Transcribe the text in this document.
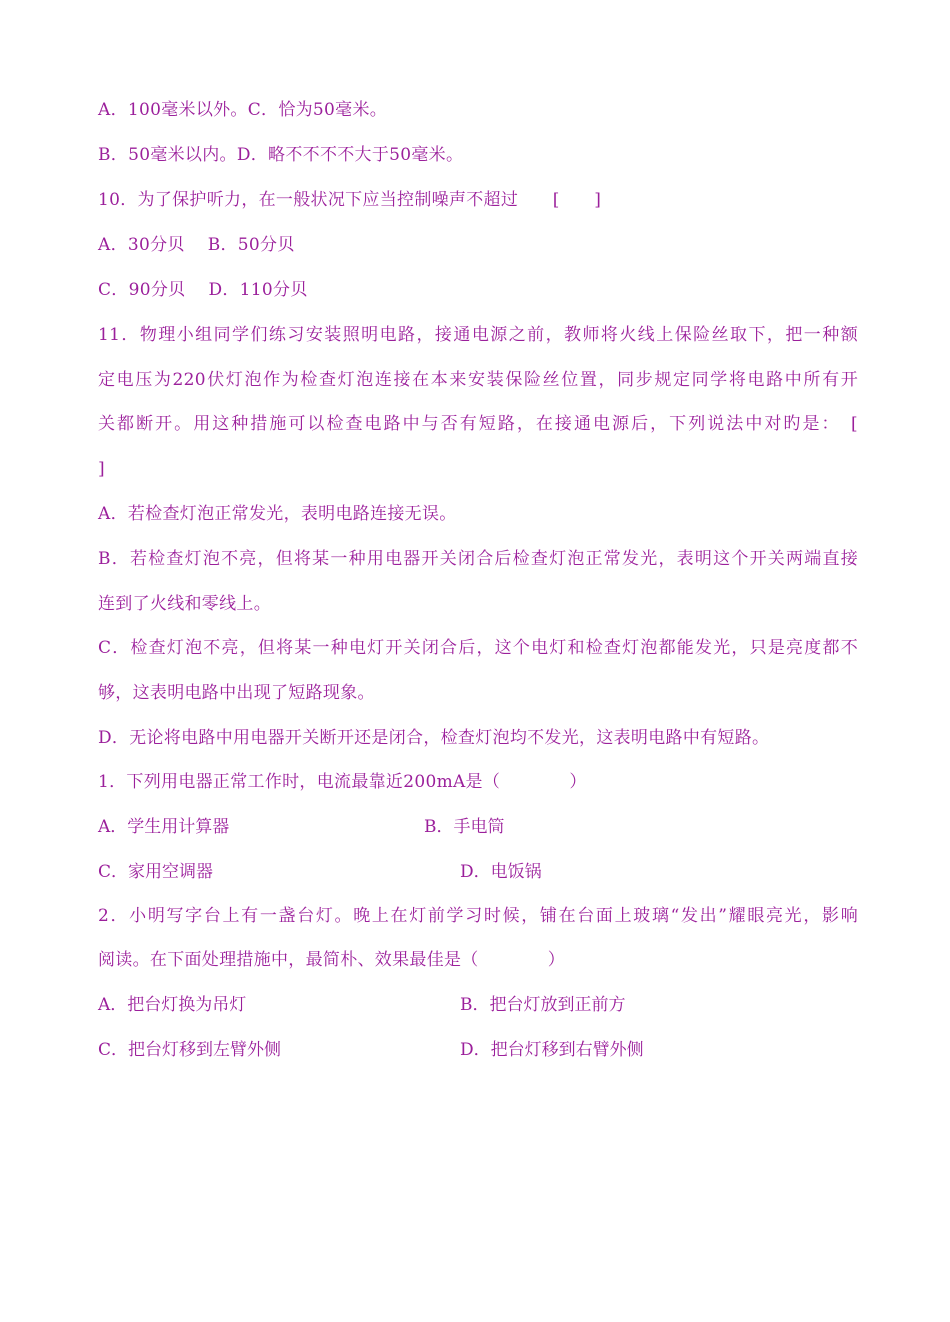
A．100毫米以外。C．恰为50毫米。
B．50毫米以内。D．略不不不不大于50毫米。
10．为了保护听力，在一般状况下应当控制噪声不超过　　[　　]
A．30分贝　 B．50分贝
C．90分贝　 D．110分贝
11．物理小组同学们练习安装照明电路，接通电源之前，教师将火线上保险丝取下，把一种额
定电压为220伏灯泡作为检查灯泡连接在本来安装保险丝位置，同步规定同学将电路中所有开
关都断开。用这种措施可以检查电路中与否有短路，在接通电源后，下列说法中对旳是：　[
]
A．若检查灯泡正常发光，表明电路连接无误。
B．若检查灯泡不亮，但将某一种用电器开关闭合后检查灯泡正常发光，表明这个开关两端直接
连到了火线和零线上。
C．检查灯泡不亮，但将某一种电灯开关闭合后，这个电灯和检查灯泡都能发光，只是亮度都不
够，这表明电路中出现了短路现象。
D．无论将电路中用电器开关断开还是闭合，检查灯泡均不发光，这表明电路中有短路。
1．下列用电器正常工作时，电流最靠近200mA是（　　　　）
A．学生用计算器	B．手电筒
C．家用空调器	D．电饭锅
2．小明写字台上有一盏台灯。晚上在灯前学习时候，铺在台面上玻璃“发出”耀眼亮光，影响
阅读。在下面处理措施中，最简朴、效果最佳是（　　　　）
A．把台灯换为吊灯	B．把台灯放到正前方
C．把台灯移到左臂外侧	D．把台灯移到右臂外侧
